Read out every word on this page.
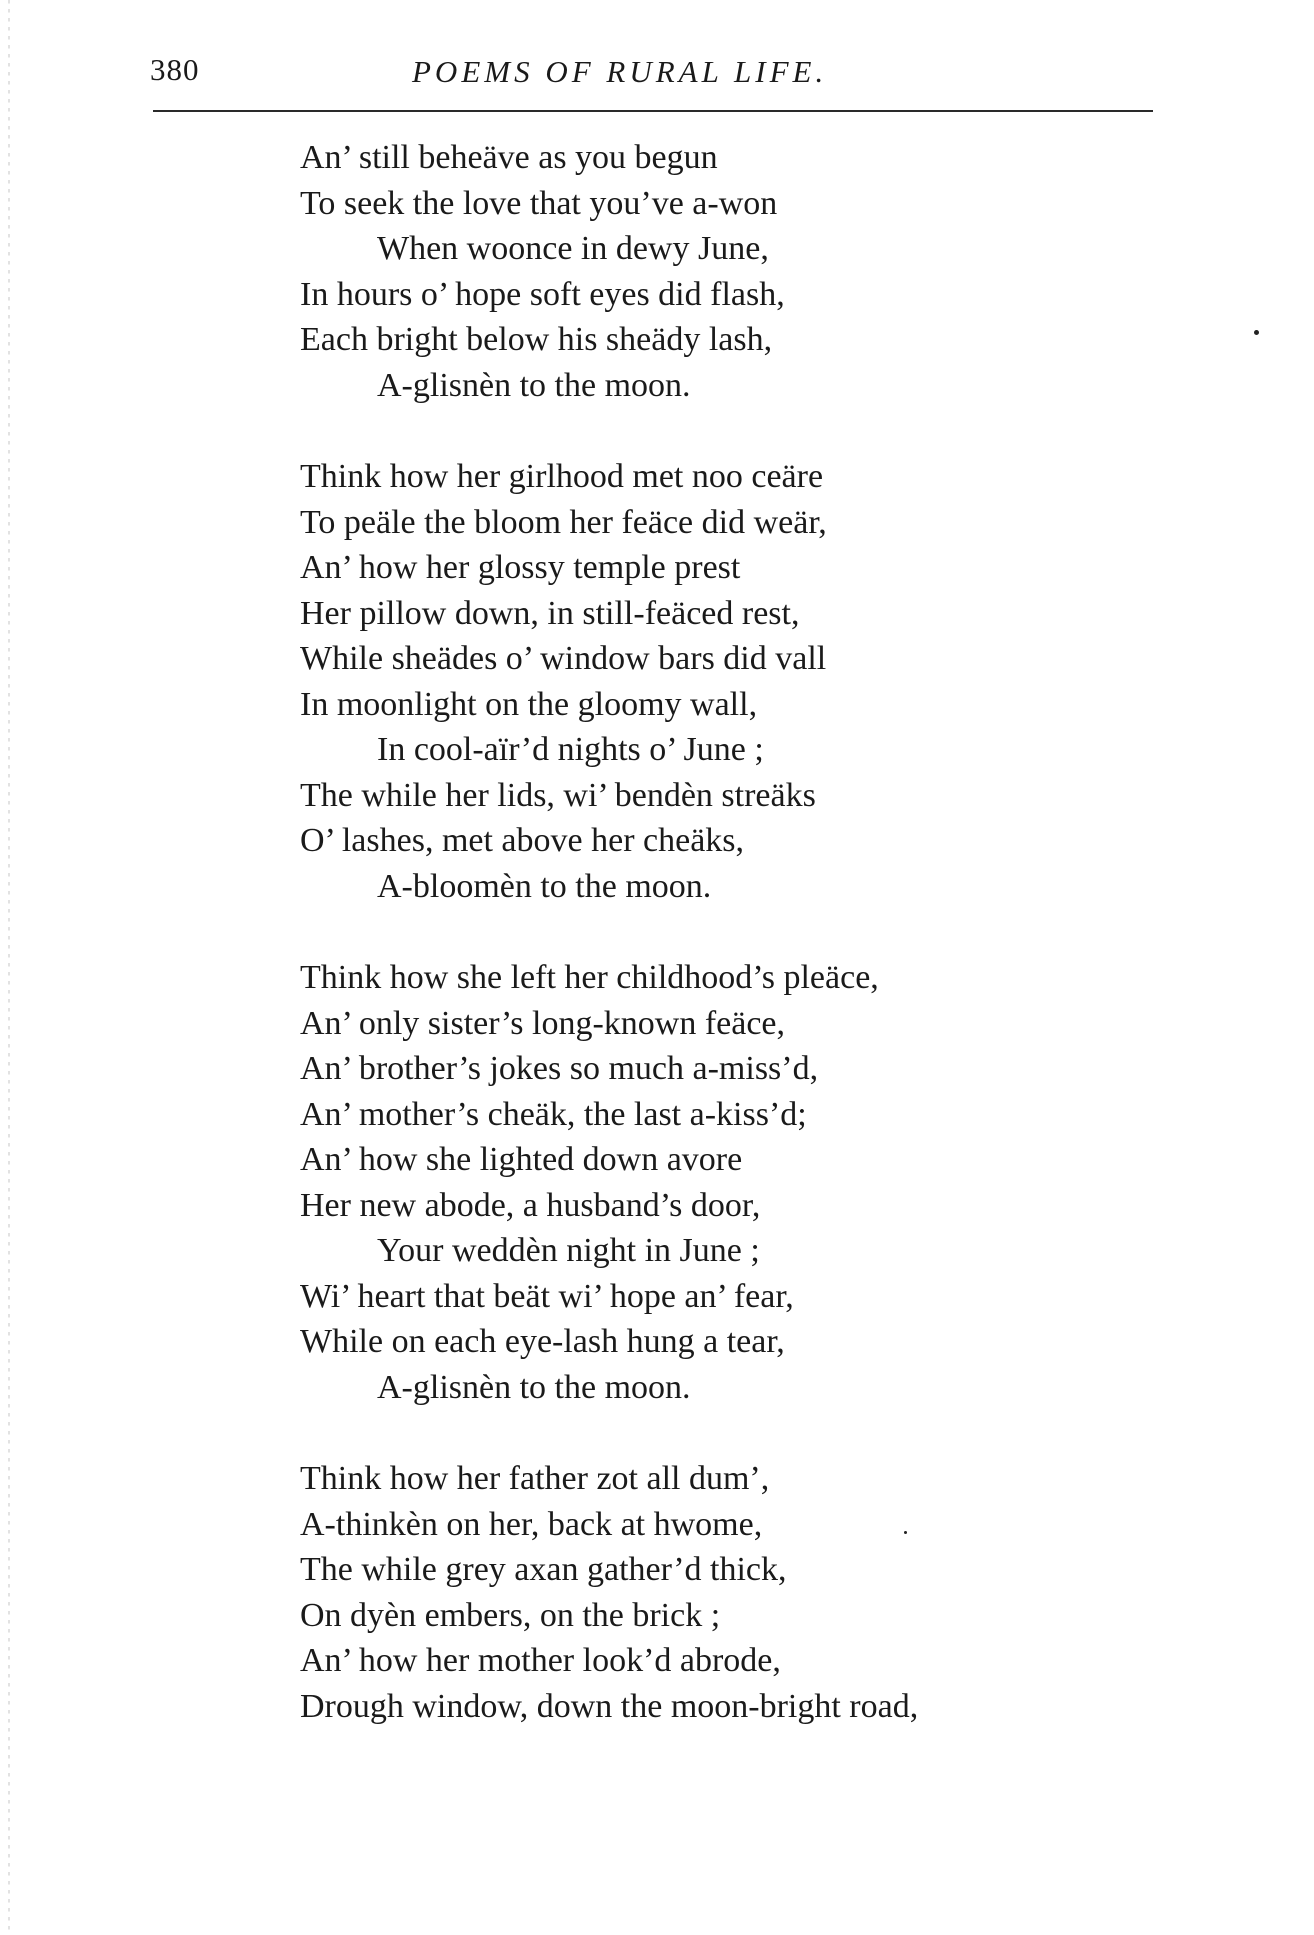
380	POEMS OF RURAL LIFE.
An’ still beheäve as you begun
To seek the love that you’ve a-won
When woonce in dewy June,
In hours o’ hope soft eyes did flash,
Each bright below his sheädy lash,
A-glisnèn to the moon.
Think how her girlhood met noo ceäre
To peäle the bloom her feäce did weär,
An’ how her glossy temple prest
Her pillow down, in still-feäced rest,
While sheädes o’ window bars did vall
In moonlight on the gloomy wall,
In cool-aïr’d nights o’ June ;
The while her lids, wi’ bendèn streäks
O’ lashes, met above her cheäks,
A-bloomèn to the moon.
Think how she left her childhood’s pleäce,
An’ only sister’s long-known feäce,
An’ brother’s jokes so much a-miss’d,
An’ mother’s cheäk, the last a-kiss’d;
An’ how she lighted down avore
Her new abode, a husband’s door,
Your weddèn night in June ;
Wi’ heart that beät wi’ hope an’ fear,
While on each eye-lash hung a tear,
A-glisnèn to the moon.
Think how her father zot all dum’,
A-thinkèn on her, back at hwome,
The while grey axan gather’d thick,
On dyèn embers, on the brick ;
An’ how her mother look’d abrode,
Drough window, down the moon-bright road,
